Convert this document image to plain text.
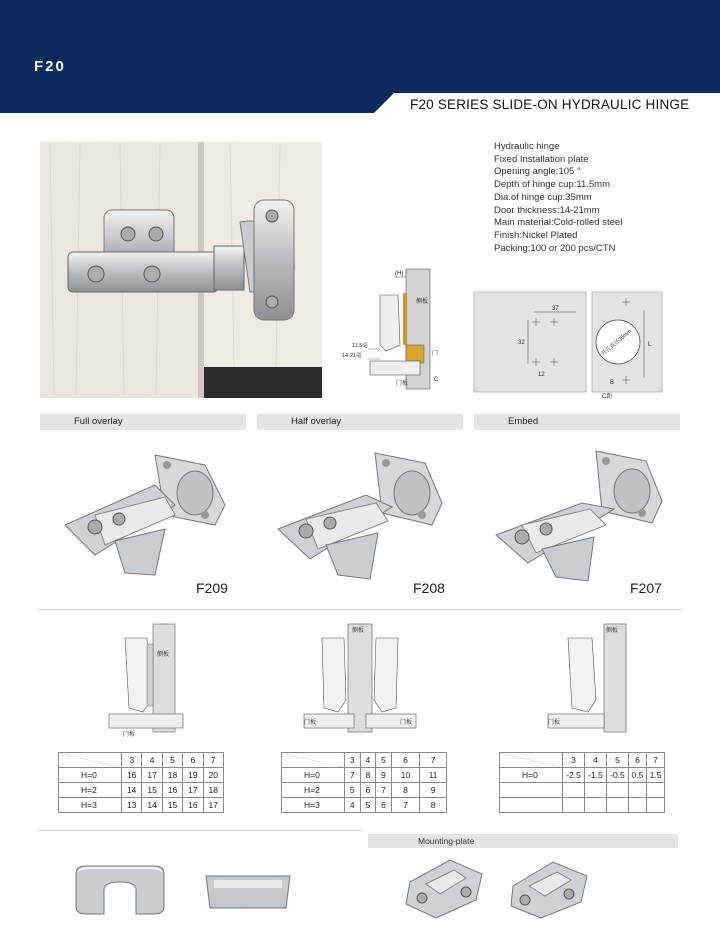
F20
F20 SERIES SLIDE-ON HYDRAULIC HINGE
Hydraulic hinge
Fixed Installation plate
Opening angle:105 °
Depth of hinge cup:11.5mm
Dia.of hinge cup:35mm
Door thickness:14-21mm
Main material:Cold-rolled steel
Finish:Nickel Plated
Packing:100 or 200 pcs/CTN
(H)
侧板
门
门板
C
11.5毫
14-21毫
37
32
12
开孔直径35mm	L
B
C距
Full overlay	Half overlay	Embed
F209	F208	F207
侧板
门板
侧板
门板	门板
侧板
门板
	3	4	5	6	7
H=0	16	17	18	19	20
H=2	14	15	16	17	18
H=3	13	14	15	16	17
	3	4	5	6	7
H=0	7	8	9	10	11
H=2	5	6	7	8	9
H=3	4	5	6	7	8
	3	4	5	6	7
H=0	-2.5	-1.5	-0.5	0.5	1.5

Mounting-plate
